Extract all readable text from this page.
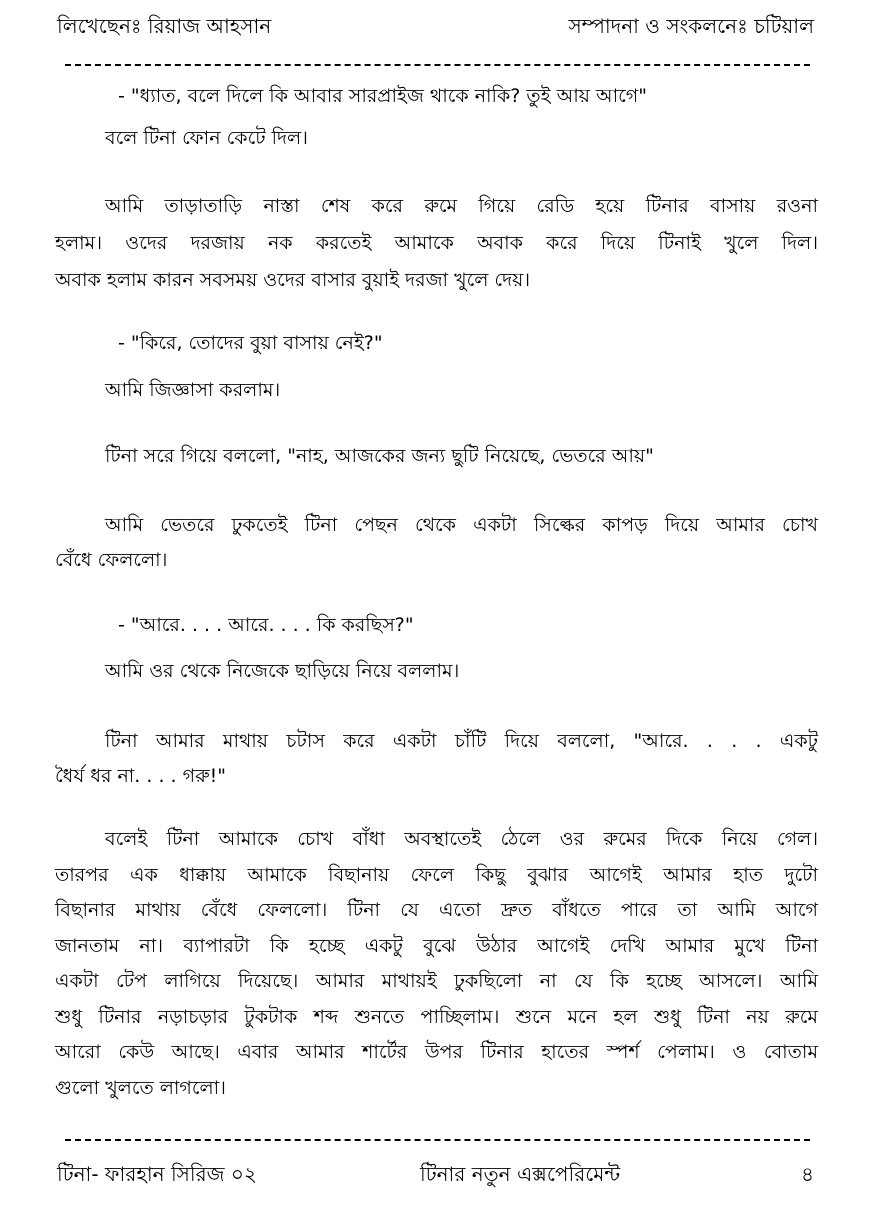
লিখেছেনঃ রিয়াজ আহসান	সম্পাদনা ও সংকলনেঃ চটিয়াল
- "ধ্যাত, বলে দিলে কি আবার সারপ্রাইজ থাকে নাকি? তুই আয় আগে"
বলে টিনা ফোন কেটে দিল।
আমি তাড়াতাড়ি নাস্তা শেষ করে রুমে গিয়ে রেডি হয়ে টিনার বাসায় রওনা
হলাম। ওদের দরজায় নক করতেই আমাকে অবাক করে দিয়ে টিনাই খুলে দিল।
অবাক হলাম কারন সবসময় ওদের বাসার বুয়াই দরজা খুলে দেয়।
- "কিরে, তোদের বুয়া বাসায় নেই?"
আমি জিজ্ঞাসা করলাম।
টিনা সরে গিয়ে বললো, "নাহ, আজকের জন্য ছুটি নিয়েছে, ভেতরে আয়"
আমি ভেতরে ঢুকতেই টিনা পেছন থেকে একটা সিল্কের কাপড় দিয়ে আমার চোখ
বেঁধে ফেললো।
- "আরে. . . . আরে. . . . কি করছিস?"
আমি ওর থেকে নিজেকে ছাড়িয়ে নিয়ে বললাম।
টিনা আমার মাথায় চটাস করে একটা চাঁটি দিয়ে বললো, "আরে. . . . একটু
ধৈর্য ধর না. . . . গরু!"
বলেই টিনা আমাকে চোখ বাঁধা অবস্থাতেই ঠেলে ওর রুমের দিকে নিয়ে গেল।
তারপর এক ধাক্কায় আমাকে বিছানায় ফেলে কিছু বুঝার আগেই আমার হাত দুটো
বিছানার মাথায় বেঁধে ফেললো। টিনা যে এতো দ্রুত বাঁধতে পারে তা আমি আগে
জানতাম না। ব্যাপারটা কি হচ্ছে একটু বুঝে উঠার আগেই দেখি আমার মুখে টিনা
একটা টেপ লাগিয়ে দিয়েছে। আমার মাথায়ই ঢুকছিলো না যে কি হচ্ছে আসলে। আমি
শুধু টিনার নড়াচড়ার টুকটাক শব্দ শুনতে পাচ্ছিলাম। শুনে মনে হল শুধু টিনা নয় রুমে
আরো কেউ আছে। এবার আমার শার্টের উপর টিনার হাতের স্পর্শ পেলাম। ও বোতাম
গুলো খুলতে লাগলো।
টিনা- ফারহান সিরিজ ০২	টিনার নতুন এক্সপেরিমেন্ট	৪
